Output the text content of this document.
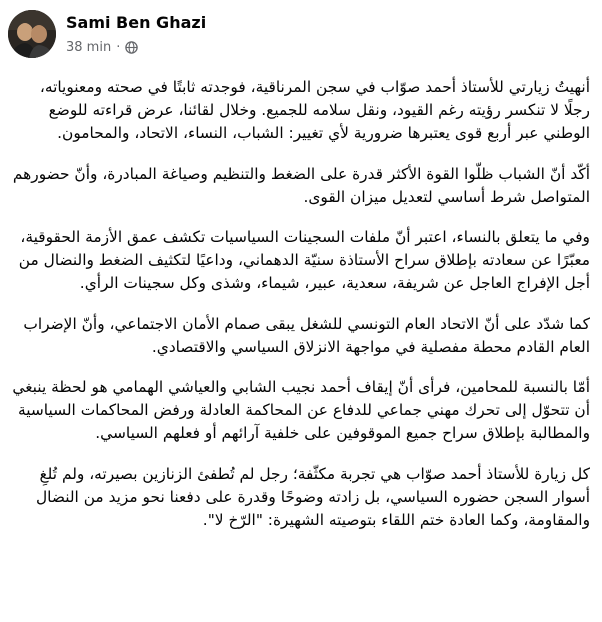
Sami Ben Ghazi
38 min ·

أنهيتُ زيارتي للأستاذ أحمد صوّاب في سجن المرناقية، فوجدته ثابتًا في صحته ومعنوياته، رجلًا لا تنكسر رؤيته رغم القيود، ونقل سلامه للجميع. وخلال لقائنا، عرض قراءته للوضع الوطني عبر أربع قوى يعتبرها ضرورية لأي تغيير: الشباب، النساء، الاتحاد، والمحامون.

أكّد أنّ الشباب ظلّوا القوة الأكثر قدرة على الضغط والتنظيم وصياغة المبادرة، وأنّ حضورهم المتواصل شرط أساسي لتعديل ميزان القوى.

وفي ما يتعلق بالنساء، اعتبر أنّ ملفات السجينات السياسيات تكشف عمق الأزمة الحقوقية، معبّرًا عن سعادته بإطلاق سراح الأستاذة سنيّة الدهماني، وداعيًا لتكثيف الضغط والنضال من أجل الإفراج العاجل عن شريفة، سعدية، عبير، شيماء، وشذى وكل سجينات الرأي.

كما شدّد على أنّ الاتحاد العام التونسي للشغل يبقى صمام الأمان الاجتماعي، وأنّ الإضراب العام القادم محطة مفصلية في مواجهة الانزلاق السياسي والاقتصادي.

أمّا بالنسبة للمحامين، فرأى أنّ إيقاف أحمد نجيب الشابي والعياشي الهمامي هو لحظة ينبغي أن تتحوّل إلى تحرك مهني جماعي للدفاع عن المحاكمة العادلة ورفض المحاكمات السياسية والمطالبة بإطلاق سراح جميع الموقوفين على خلفية آرائهم أو فعلهم السياسي.

كل زيارة للأستاذ أحمد صوّاب هي تجربة مكثّفة؛ رجل لم تُطفئ الزنازين بصيرته، ولم تُلغِ أسوار السجن حضوره السياسي، بل زادته وضوحًا وقدرة على دفعنا نحو مزيد من النضال والمقاومة، وكما العادة ختم اللقاء بتوصيته الشهيرة: "الرّخ لا".
